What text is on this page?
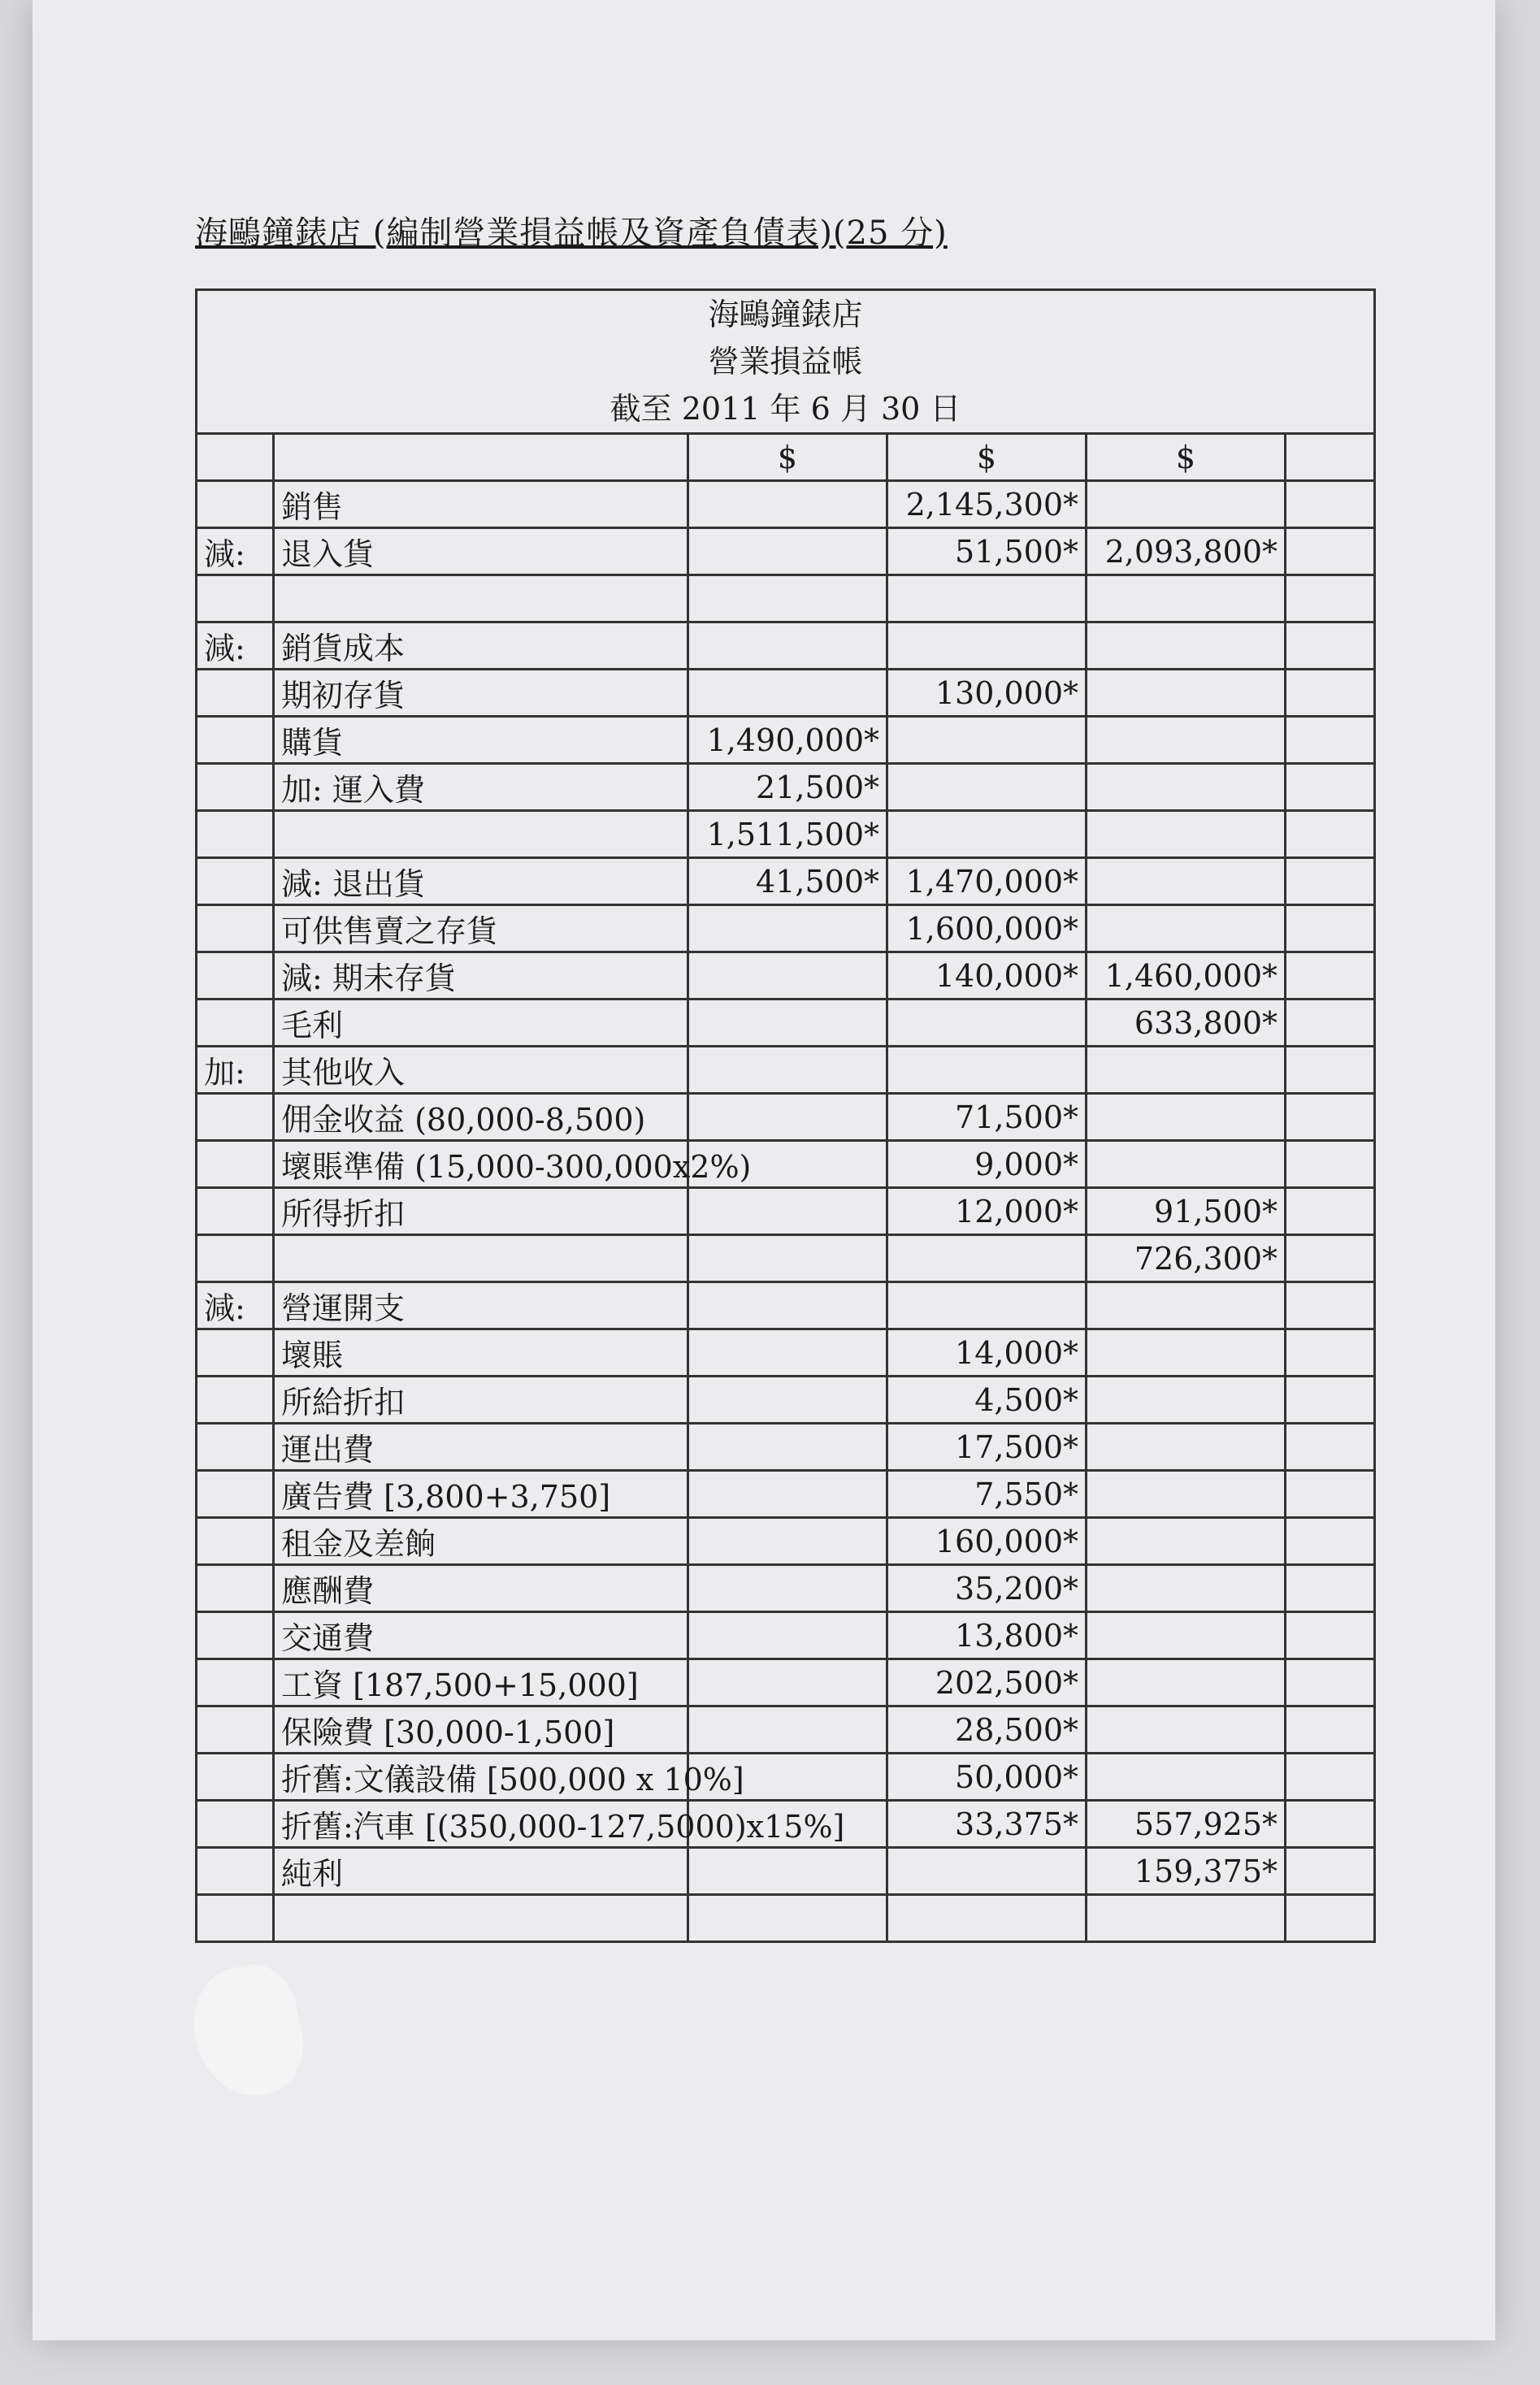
海鷗鐘錶店 (編制營業損益帳及資產負債表)(25 分)
海鷗鐘錶店
營業損益帳
截至 2011 年 6 月 30 日					

		$	$	$	
	銷售		2,145,300*		
減:	退入貨		51,500*	2,093,800*	

減:	銷貨成本				
	期初存貨		130,000*		
	購貨	1,490,000*			
	加: 運入費	21,500*			
		1,511,500*			
	減: 退出貨	41,500*	1,470,000*		
	可供售賣之存貨		1,600,000*		
	減: 期未存貨		140,000*	1,460,000*	
	毛利			633,800*	
加:	其他收入				
	佣金收益 (80,000-8,500)		71,500*		
	壞賬準備 (15,000-300,000x2%)		9,000*		
	所得折扣		12,000*	91,500*	
				726,300*	
減:	營運開支				
	壞賬		14,000*		
	所給折扣		4,500*		
	運出費		17,500*		
	廣告費 [3,800+3,750]		7,550*		
	租金及差餉		160,000*		
	應酬費		35,200*		
	交通費		13,800*		
	工資 [187,500+15,000]		202,500*		
	保險費 [30,000-1,500]		28,500*		
	折舊:文儀設備 [500,000 x 10%]		50,000*		
	折舊:汽車 [(350,000-127,5000)x15%]		33,375*	557,925*	
	純利			159,375*	
